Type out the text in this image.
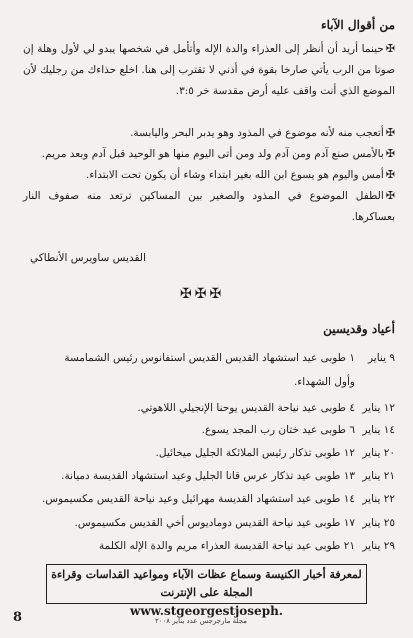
من أقوال الآباء
✠حينما أريد أن أنظر إلى العذراء والدة الإله وأتأمل في شخصها يبدو لي لأول وهلة إن صوتا من الرب يأتي صارخا بقوة في أذني لا تقترب إلى هنا. اخلع حذاءك من رجليك لأن الموضع الذي أنت واقف عليه أرض مقدسة خر ٣:٥.
✠أتعجب منه لأنه موضوع في المذود وهو يدبر البحر واليابسة.
✠بالأمس صنع آدم ومن آدم ولد ومن أتى اليوم منها هو الوحيد قبل آدم وبعد مريم.
✠أمس واليوم هو يسوع ابن الله بغير ابتداء وشاء أن يكون تحت الابتداء.
✠الطفل الموضوع في المذود والصغير بين المساكين ترتعد منه صفوف النار بعساكرها.
القديس ساويرس الأنطاكي
✠✠✠
أعياد وقديسين
٩ يناير
١ طوبى عيد استشهاد القديس القديس استفانوس رئيس الشمامسة
وأول الشهداء.
١٢ يناير
٤ طوبى عيد نياحة القديس يوحنا الإنجيلي اللاهوتي.
١٤ يناير
٦ طوبى عيد ختان رب المجد يسوع.
٢٠ يناير
١٢ طوبى تذكار رئيس الملائكة الجليل ميخائيل.
٢١ يناير
١٣ طوبى عيد تذكار عرس قانا الجليل وعيد استشهاد القديسة دميانة.
٢٢ يناير
١٤ طوبى عيد استشهاد القديسة مهرائيل وعيد نياحة القديس مكسيموس.
٢٥ يناير
١٧ طوبى عيد نياحة القديس دوماديوس أخي القديس مكسيموس.
٢٩ يناير
٢١ طوبى عيد نياحة القديسة العذراء مريم والدة الإله الكلمة
لمعرفة أخبار الكنيسة وسماع عظات الآباء ومواعيد القداسات وقراءة المجلة على الإنترنت
www.stgeorgestjoseph.
8	مجلة مارجرجس عدد يناير ٢٠٠٨
